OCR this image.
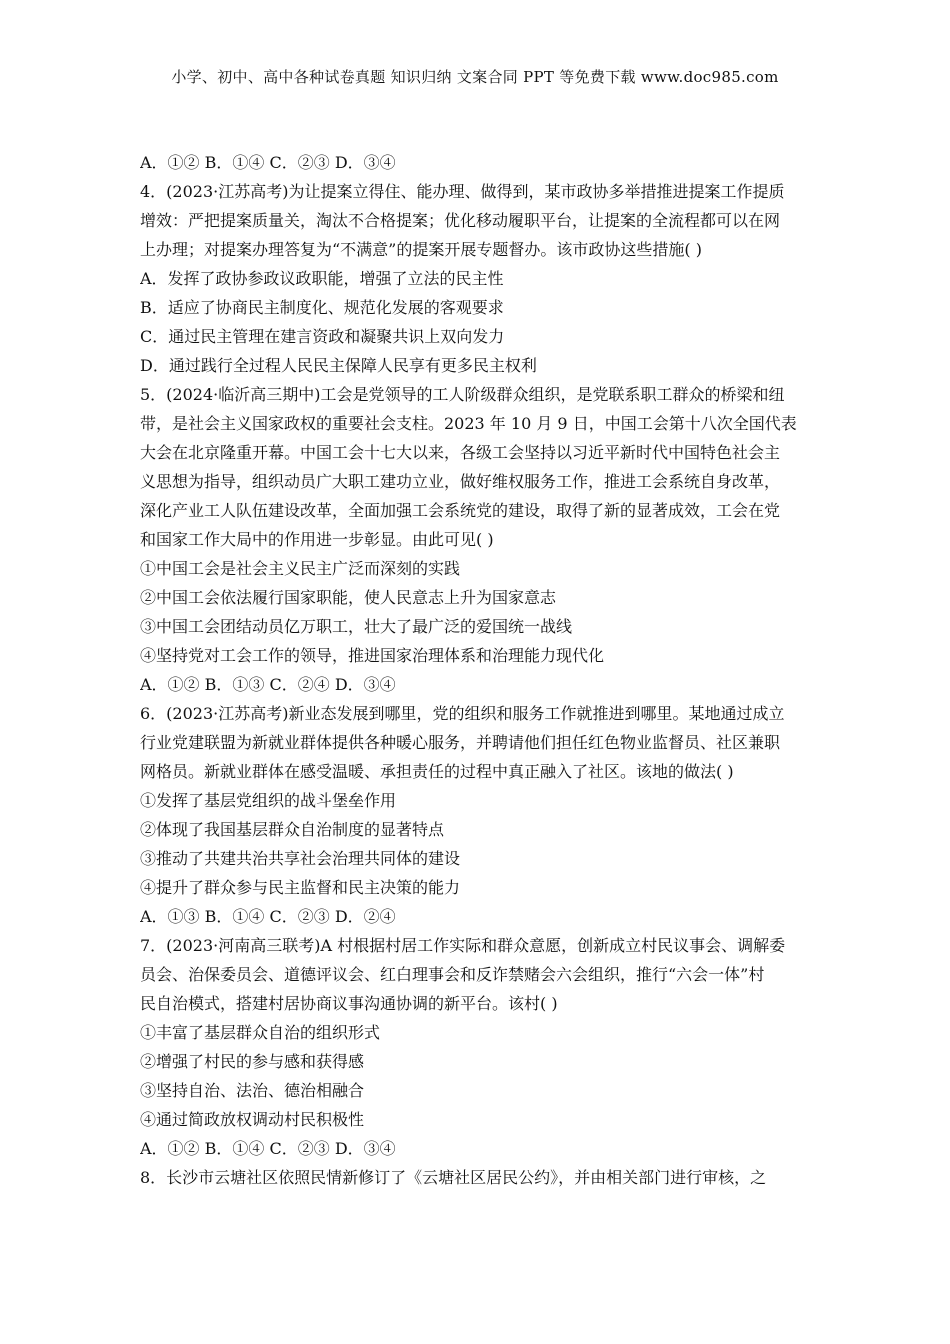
小学、初中、高中各种试卷真题 知识归纳 文案合同 PPT 等免费下载 www.doc985.com
A．①② B．①④ C．②③ D．③④
4．(2023·江苏高考)为让提案立得住、能办理、做得到，某市政协多举措推进提案工作提质
增效：严把提案质量关，淘汰不合格提案；优化移动履职平台，让提案的全流程都可以在网
上办理；对提案办理答复为“不满意”的提案开展专题督办。该市政协这些措施( )
A．发挥了政协参政议政职能，增强了立法的民主性
B．适应了协商民主制度化、规范化发展的客观要求
C．通过民主管理在建言资政和凝聚共识上双向发力
D．通过践行全过程人民民主保障人民享有更多民主权利
5．(2024·临沂高三期中)工会是党领导的工人阶级群众组织，是党联系职工群众的桥梁和纽
带，是社会主义国家政权的重要社会支柱。2023 年 10 月 9 日，中国工会第十八次全国代表
大会在北京隆重开幕。中国工会十七大以来，各级工会坚持以习近平新时代中国特色社会主
义思想为指导，组织动员广大职工建功立业，做好维权服务工作，推进工会系统自身改革，
深化产业工人队伍建设改革，全面加强工会系统党的建设，取得了新的显著成效，工会在党
和国家工作大局中的作用进一步彰显。由此可见( )
①中国工会是社会主义民主广泛而深刻的实践
②中国工会依法履行国家职能，使人民意志上升为国家意志
③中国工会团结动员亿万职工，壮大了最广泛的爱国统一战线
④坚持党对工会工作的领导，推进国家治理体系和治理能力现代化
A．①② B．①③ C．②④ D．③④
6．(2023·江苏高考)新业态发展到哪里，党的组织和服务工作就推进到哪里。某地通过成立
行业党建联盟为新就业群体提供各种暖心服务，并聘请他们担任红色物业监督员、社区兼职
网格员。新就业群体在感受温暖、承担责任的过程中真正融入了社区。该地的做法( )
①发挥了基层党组织的战斗堡垒作用
②体现了我国基层群众自治制度的显著特点
③推动了共建共治共享社会治理共同体的建设
④提升了群众参与民主监督和民主决策的能力
A．①③ B．①④ C．②③ D．②④
7．(2023·河南高三联考)A 村根据村居工作实际和群众意愿，创新成立村民议事会、调解委
员会、治保委员会、道德评议会、红白理事会和反诈禁赌会六会组织，推行“六会一体”村
民自治模式，搭建村居协商议事沟通协调的新平台。该村( )
①丰富了基层群众自治的组织形式
②增强了村民的参与感和获得感
③坚持自治、法治、德治相融合
④通过简政放权调动村民积极性
A．①② B．①④ C．②③ D．③④
8．长沙市云塘社区依照民情新修订了《云塘社区居民公约》，并由相关部门进行审核，之
